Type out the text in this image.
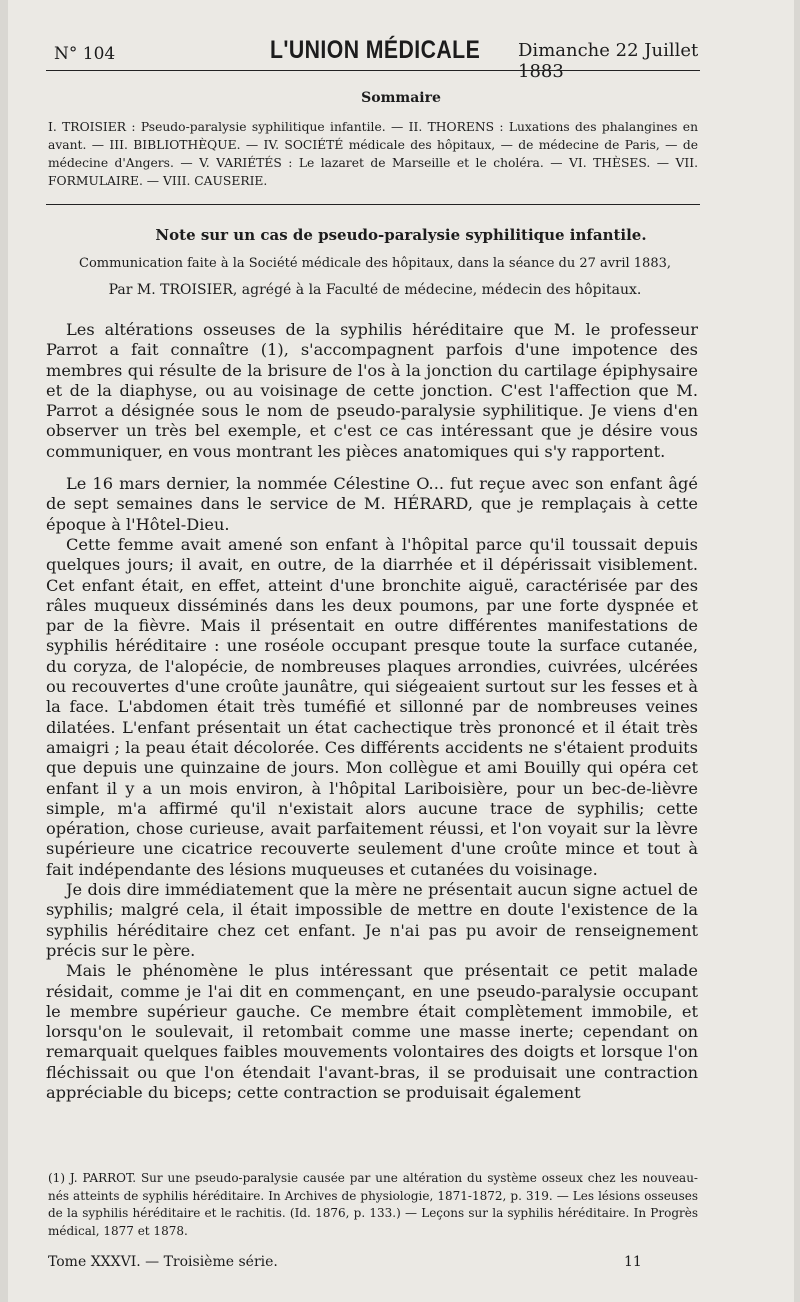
N° 104	L'UNION MÉDICALE Dimanche 22 Juillet 1883
Sommaire
I. TROISIER : Pseudo-paralysie syphilitique infantile. — II. THORENS : Luxations des phalangines en avant. — III. BIBLIOTHÈQUE. — IV. SOCIÉTÉ médicale des hôpitaux, — de médecine de Paris, — de médecine d'Angers. — V. VARIÉTÉS : Le lazaret de Marseille et le choléra. — VI. THÈSES. — VII. FORMULAIRE. — VIII. CAUSERIE.
Note sur un cas de pseudo-paralysie syphilitique infantile.
Communication faite à la Société médicale des hôpitaux, dans la séance du 27 avril 1883,
Par M. TROISIER, agrégé à la Faculté de médecine, médecin des hôpitaux.

Les altérations osseuses de la syphilis héréditaire que M. le professeur Parrot a fait connaître (1), s'accompagnent parfois d'une impotence des membres qui résulte de la brisure de l'os à la jonction du cartilage épiphysaire et de la diaphyse, ou au voisinage de cette jonction. C'est l'affection que M. Parrot a désignée sous le nom de pseudo-paralysie syphilitique. Je viens d'en observer un très bel exemple, et c'est ce cas intéressant que je désire vous communiquer, en vous montrant les pièces anatomiques qui s'y rapportent.

Le 16 mars dernier, la nommée Célestine O... fut reçue avec son enfant âgé de sept semaines dans le service de M. HÉRARD, que je remplaçais à cette époque à l'Hôtel-Dieu.

Cette femme avait amené son enfant à l'hôpital parce qu'il toussait depuis quelques jours; il avait, en outre, de la diarrhée et il dépérissait visiblement. Cet enfant était, en effet, atteint d'une bronchite aiguë, caractérisée par des râles muqueux disséminés dans les deux poumons, par une forte dyspnée et par de la fièvre. Mais il présentait en outre différentes manifestations de syphilis héréditaire : une roséole occupant presque toute la surface cutanée, du coryza, de l'alopécie, de nombreuses plaques arrondies, cuivrées, ulcérées ou recouvertes d'une croûte jaunâtre, qui siégeaient surtout sur les fesses et à la face. L'abdomen était très tuméfié et sillonné par de nombreuses veines dilatées. L'enfant présentait un état cachectique très prononcé et il était très amaigri ; la peau était décolorée. Ces différents accidents ne s'étaient produits que depuis une quinzaine de jours. Mon collègue et ami Bouilly qui opéra cet enfant il y a un mois environ, à l'hôpital Lariboisière, pour un bec-de-lièvre simple, m'a affirmé qu'il n'existait alors aucune trace de syphilis; cette opération, chose curieuse, avait parfaitement réussi, et l'on voyait sur la lèvre supérieure une cicatrice recouverte seulement d'une croûte mince et tout à fait indépendante des lésions muqueuses et cutanées du voisinage.

Je dois dire immédiatement que la mère ne présentait aucun signe actuel de syphilis; malgré cela, il était impossible de mettre en doute l'existence de la syphilis héréditaire chez cet enfant. Je n'ai pas pu avoir de renseignement précis sur le père.

Mais le phénomène le plus intéressant que présentait ce petit malade résidait, comme je l'ai dit en commençant, en une pseudo-paralysie occupant le membre supérieur gauche. Ce membre était complètement immobile, et lorsqu'on le soulevait, il retombait comme une masse inerte; cependant on remarquait quelques faibles mouvements volontaires des doigts et lorsque l'on fléchissait ou que l'on étendait l'avant-bras, il se produisait une contraction appréciable du biceps; cette contraction se produisait également

(1) J. PARROT. Sur une pseudo-paralysie causée par une altération du système osseux chez les nouveau-nés atteints de syphilis héréditaire. In Archives de physiologie, 1871-1872, p. 319. — Les lésions osseuses de la syphilis héréditaire et le rachitis. (Id. 1876, p. 133.) — Leçons sur la syphilis héréditaire. In Progrès médical, 1877 et 1878.
Tome XXXVI. — Troisième série.	11
